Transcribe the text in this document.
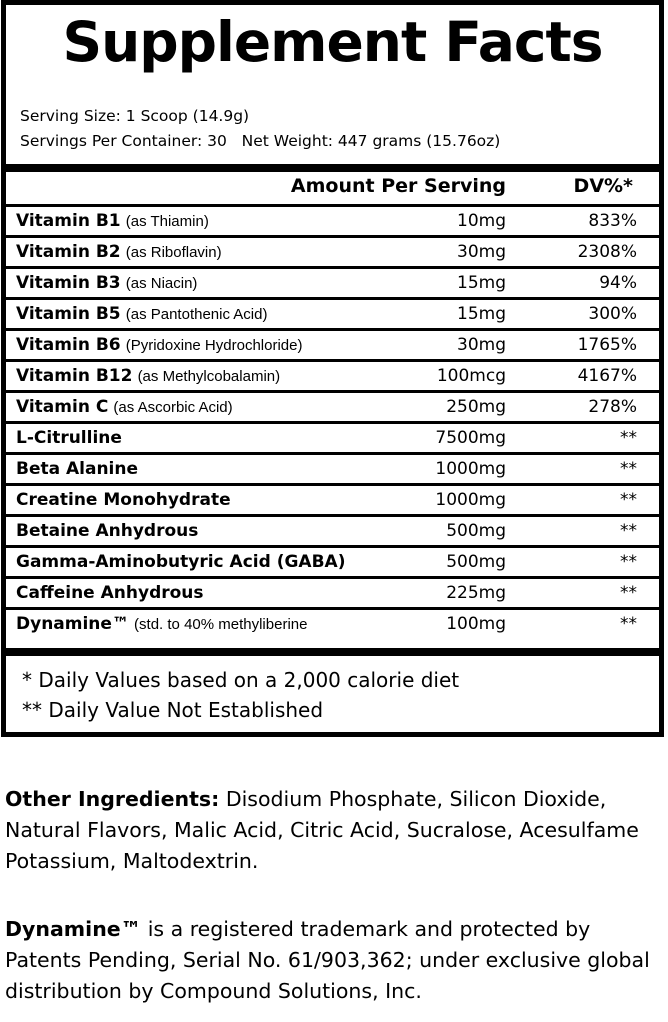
Supplement Facts
Serving Size: 1 Scoop (14.9g)
Servings Per Container: 30   Net Weight: 447 grams (15.76oz)
Amount Per Serving	DV%*
Vitamin B1 (as Thiamin)	10mg	833%
Vitamin B2 (as Riboflavin)	30mg	2308%
Vitamin B3 (as Niacin)	15mg	94%
Vitamin B5 (as Pantothenic Acid)	15mg	300%
Vitamin B6 (Pyridoxine Hydrochloride)	30mg	1765%
Vitamin B12 (as Methylcobalamin)	100mcg	4167%
Vitamin C (as Ascorbic Acid)	250mg	278%
L-Citrulline	7500mg	**
Beta Alanine	1000mg	**
Creatine Monohydrate	1000mg	**
Betaine Anhydrous	500mg	**
Gamma-Aminobutyric Acid (GABA)	500mg	**
Caffeine Anhydrous	225mg	**
Dynamine™ (std. to 40% methyliberine	100mg	**
* Daily Values based on a 2,000 calorie diet
** Daily Value Not Established
Other Ingredients: Disodium Phosphate, Silicon Dioxide, Natural Flavors, Malic Acid, Citric Acid, Sucralose, Acesulfame Potassium, Maltodextrin.
Dynamine™ is a registered trademark and protected by Patents Pending, Serial No. 61/903,362; under exclusive global distribution by Compound Solutions, Inc.
